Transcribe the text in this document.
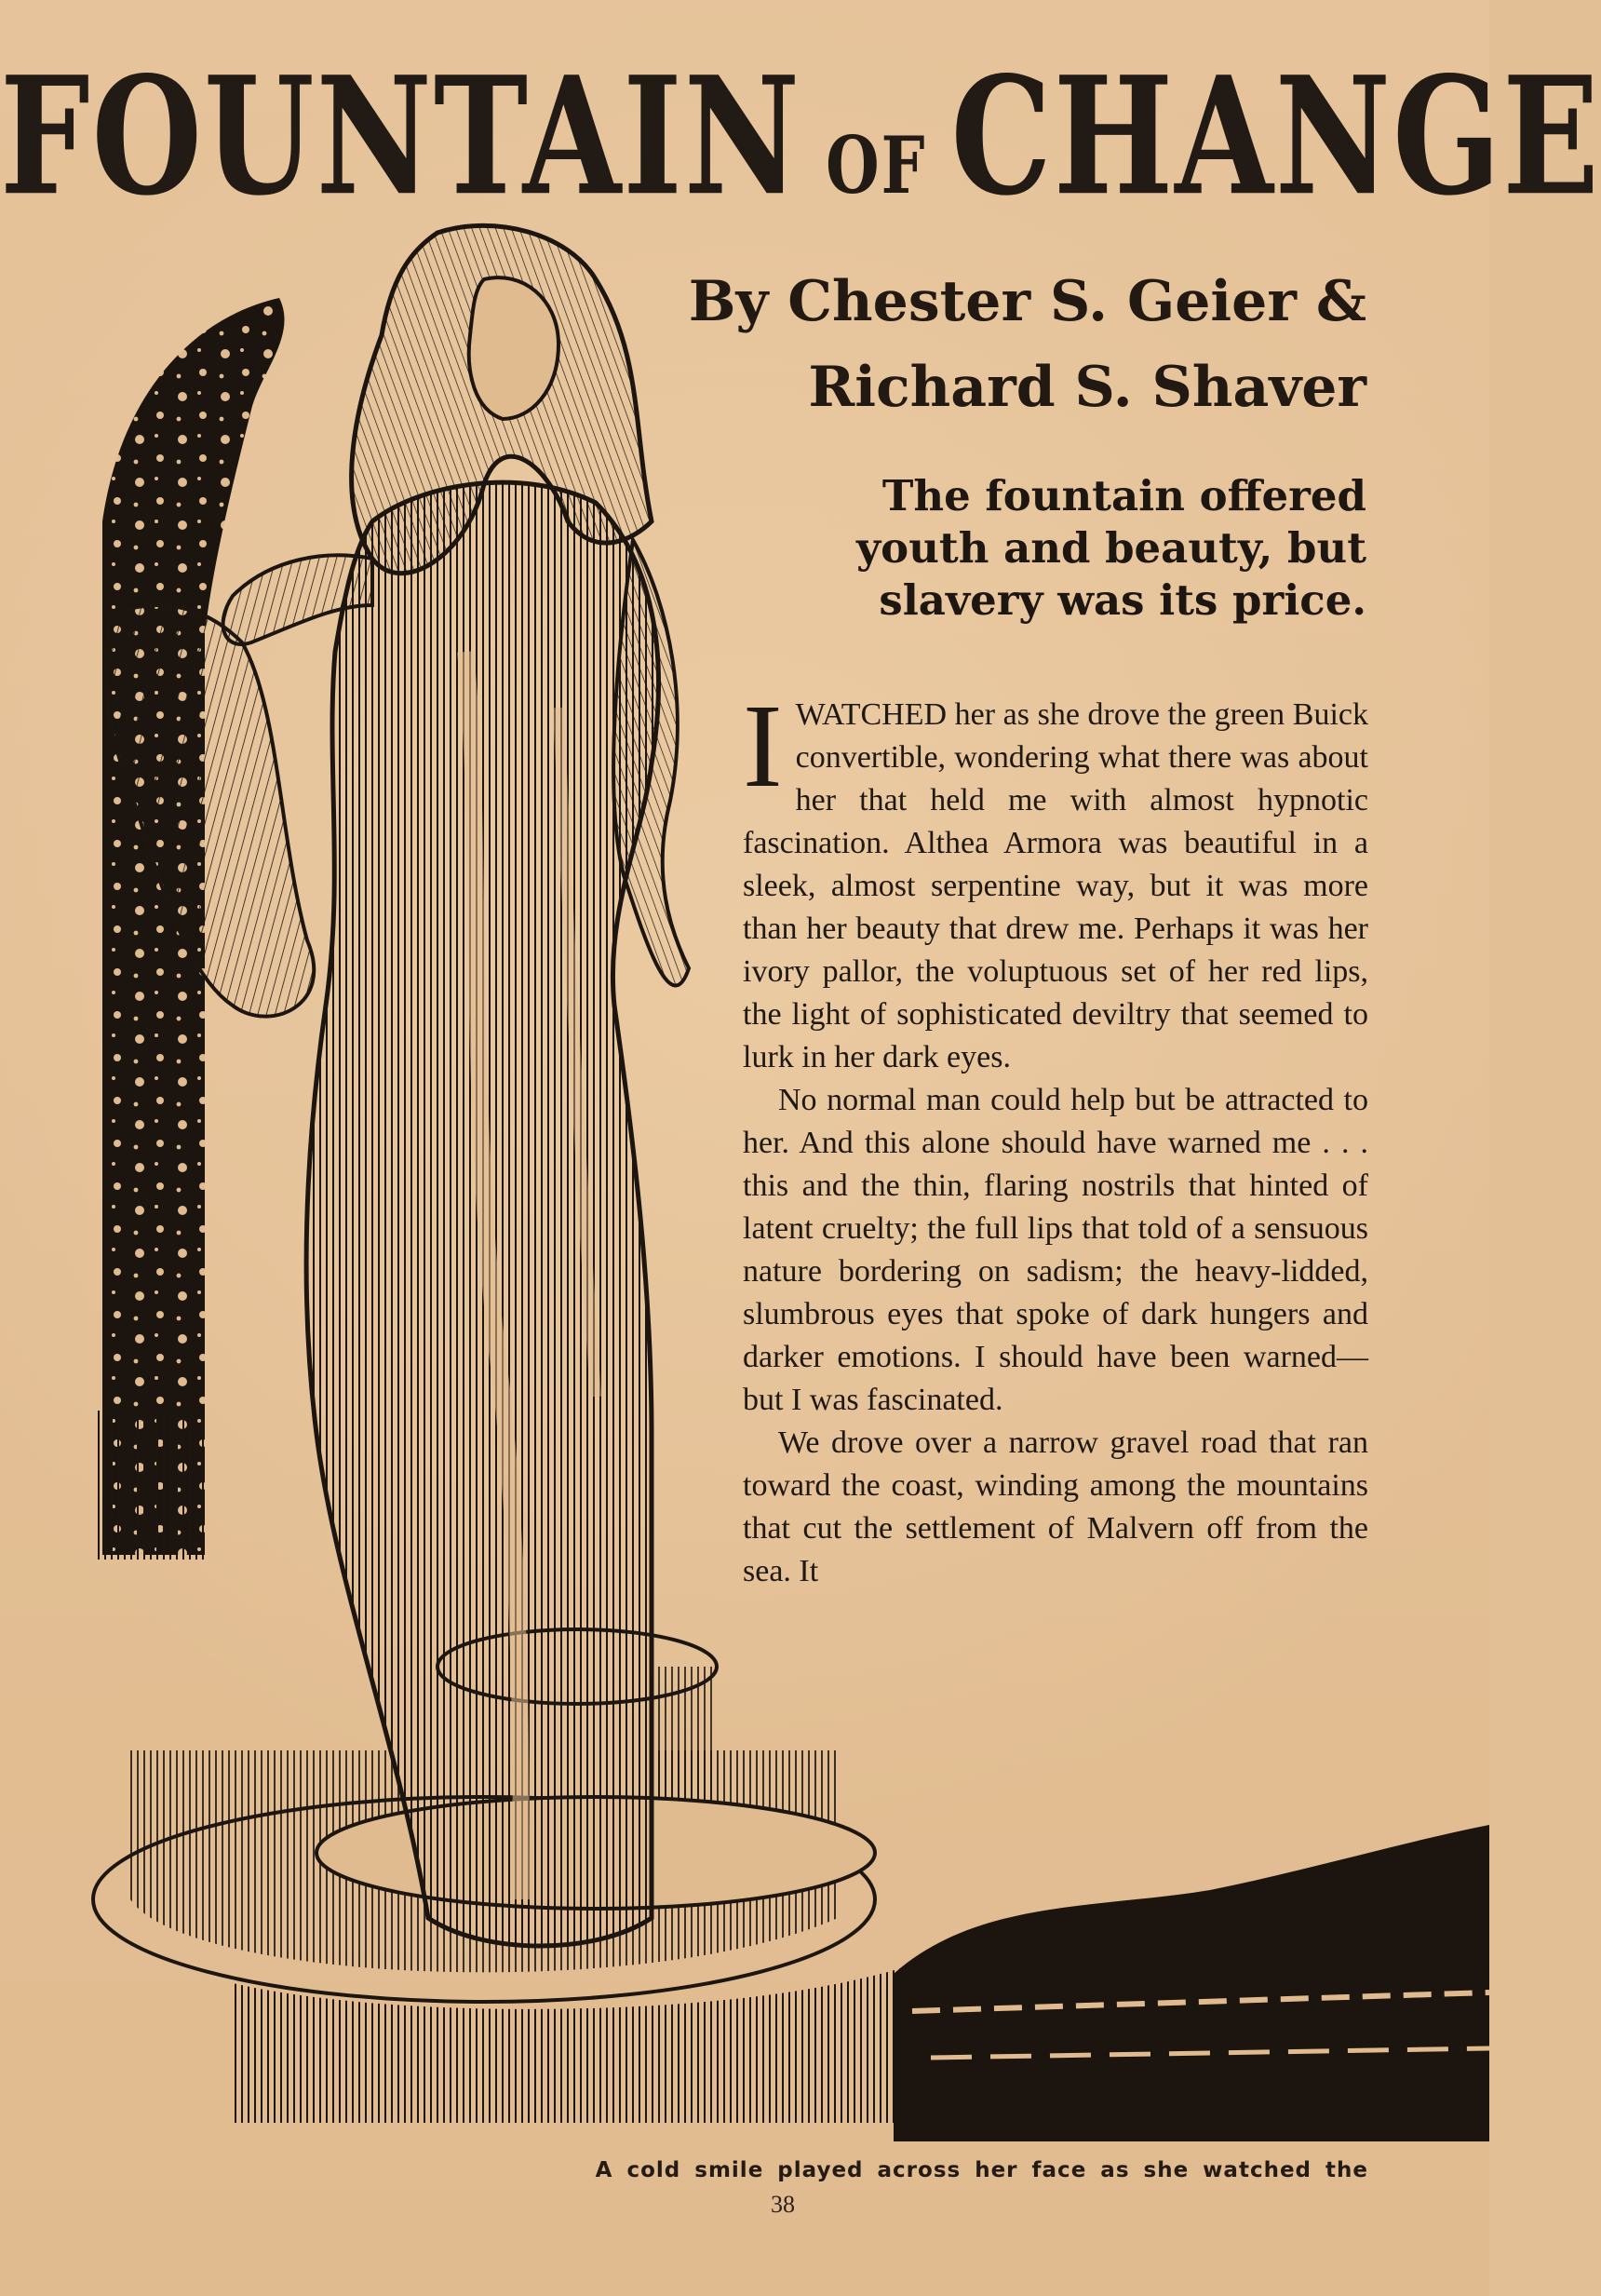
FOUNTAIN OF CHANGE
By Chester S. Geier &
Richard S. Shaver
The fountain offered
youth and beauty, but
slavery was its price.

IWATCHED her as she drove the green Buick convertible, wondering what there was about her that held me with almost hypnotic fascination. Althea Armora was beautiful in a sleek, almost serpentine way, but it was more than her beauty that drew me. Perhaps it was her ivory pallor, the voluptuous set of her red lips, the light of sophisticated deviltry that seemed to lurk in her dark eyes.

No normal man could help but be attracted to her. And this alone should have warned me . . . this and the thin, flaring nostrils that hinted of latent cruelty; the full lips that told of a sensuous nature bordering on sadism; the heavy-lidded, slumbrous eyes that spoke of dark hungers and darker emotions. I should have been warned—but I was fascinated.

We drove over a narrow gravel road that ran toward the coast, winding among the mountains that cut the settlement of Malvern off from the sea. It

A cold smile played across her face as she watched the
38
